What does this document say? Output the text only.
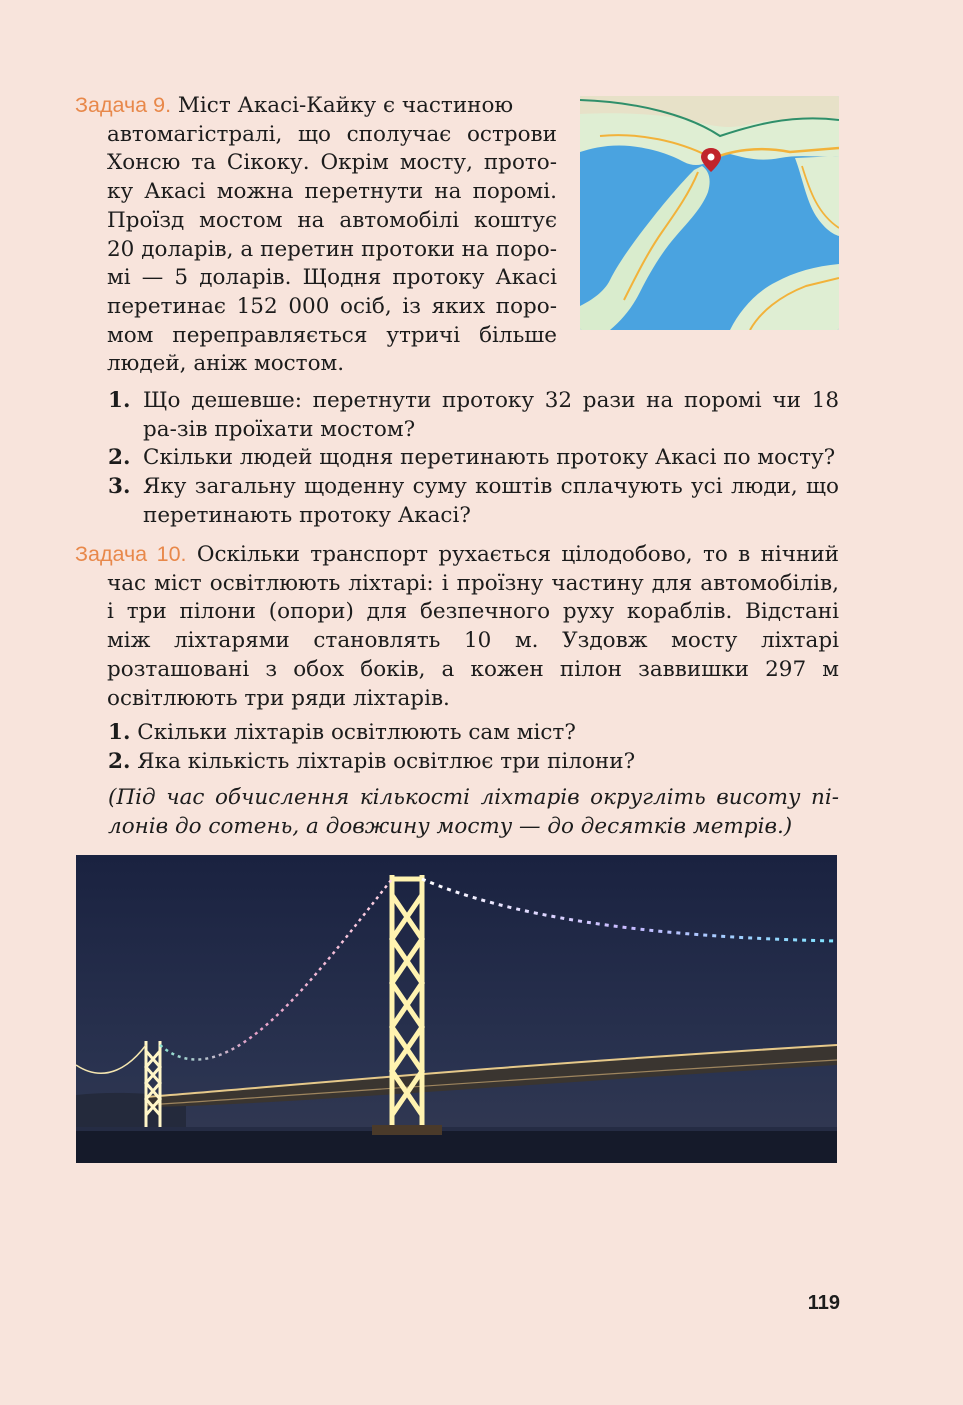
Задача 9. Міст Акасі-Кайку є частиною
автомагістралі, що сполучає острови
Хонсю та Сікоку. Окрім мосту, прото-
ку Акасі можна перетнути на поромі.
Проїзд мостом на автомобілі коштує
20 доларів, а перетин протоки на поро-
мі — 5 доларів. Щодня протоку Акасі
перетинає 152 000 осіб, із яких поро-
мом переправляється утричі більше
людей, аніж мостом.
1. Що дешевше: перетнути протоку 32 рази на поромі чи 18 ра-зів проїхати мостом?
2. Скільки людей щодня перетинають протоку Акасі по мосту?
3. Яку загальну щоденну суму коштів сплачують усі люди, що перетинають протоку Акасі?
Задача 10. Оскільки транспорт рухається цілодобово, то в нічний
час міст освітлюють ліхтарі: і проїзну частину для автомобілів, і три пілони (опори) для безпечного руху кораблів. Відстані між ліхтарями становлять 10 м. Уздовж мосту ліхтарі розташовані з обох боків, а кожен пілон заввишки 297 м освітлюють три ряди ліхтарів.
1. Скільки ліхтарів освітлюють сам міст?
2. Яка кількість ліхтарів освітлює три пілони?
(Під час обчислення кількості ліхтарів округліть висоту пі-лонів до сотень, а довжину мосту — до десятків метрів.)
119
